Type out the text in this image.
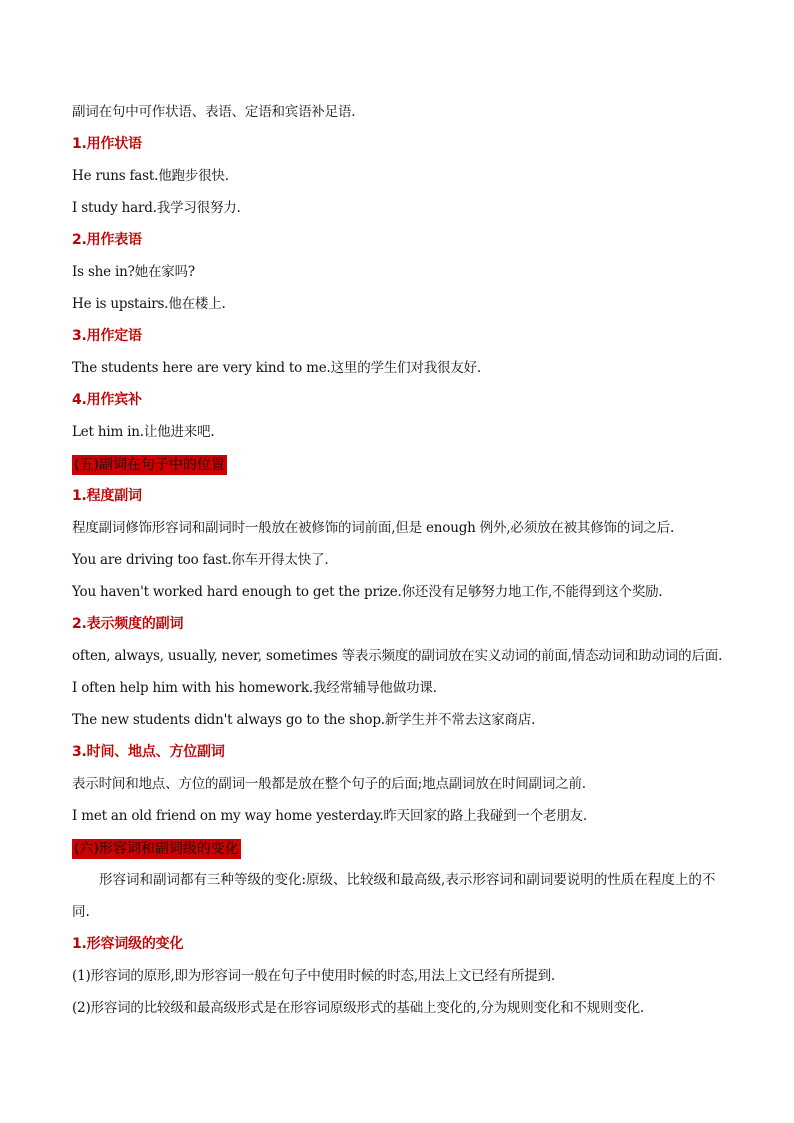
副词在句中可作状语、表语、定语和宾语补足语.
1.用作状语
He runs fast.他跑步很快.
I study hard.我学习很努力.
2.用作表语
Is she in?她在家吗?
He is upstairs.他在楼上.
3.用作定语
The students here are very kind to me.这里的学生们对我很友好.
4.用作宾补
Let him in.让他进来吧.
(五)副词在句子中的位置
1.程度副词
程度副词修饰形容词和副词时一般放在被修饰的词前面,但是 enough 例外,必须放在被其修饰的词之后.
You are driving too fast.你车开得太快了.
You haven't worked hard enough to get the prize.你还没有足够努力地工作,不能得到这个奖励.
2.表示频度的副词
often, always, usually, never, sometimes 等表示频度的副词放在实义动词的前面,情态动词和助动词的后面.
I often help him with his homework.我经常辅导他做功课.
The new students didn't always go to the shop.新学生并不常去这家商店.
3.时间、地点、方位副词
表示时间和地点、方位的副词一般都是放在整个句子的后面;地点副词放在时间副词之前.
I met an old friend on my way home yesterday.昨天回家的路上我碰到一个老朋友.
(六)形容词和副词级的变化
形容词和副词都有三种等级的变化:原级、比较级和最高级,表示形容词和副词要说明的性质在程度上的不同.
1.形容词级的变化
(1)形容词的原形,即为形容词一般在句子中使用时候的时态,用法上文已经有所提到.
(2)形容词的比较级和最高级形式是在形容词原级形式的基础上变化的,分为规则变化和不规则变化.
